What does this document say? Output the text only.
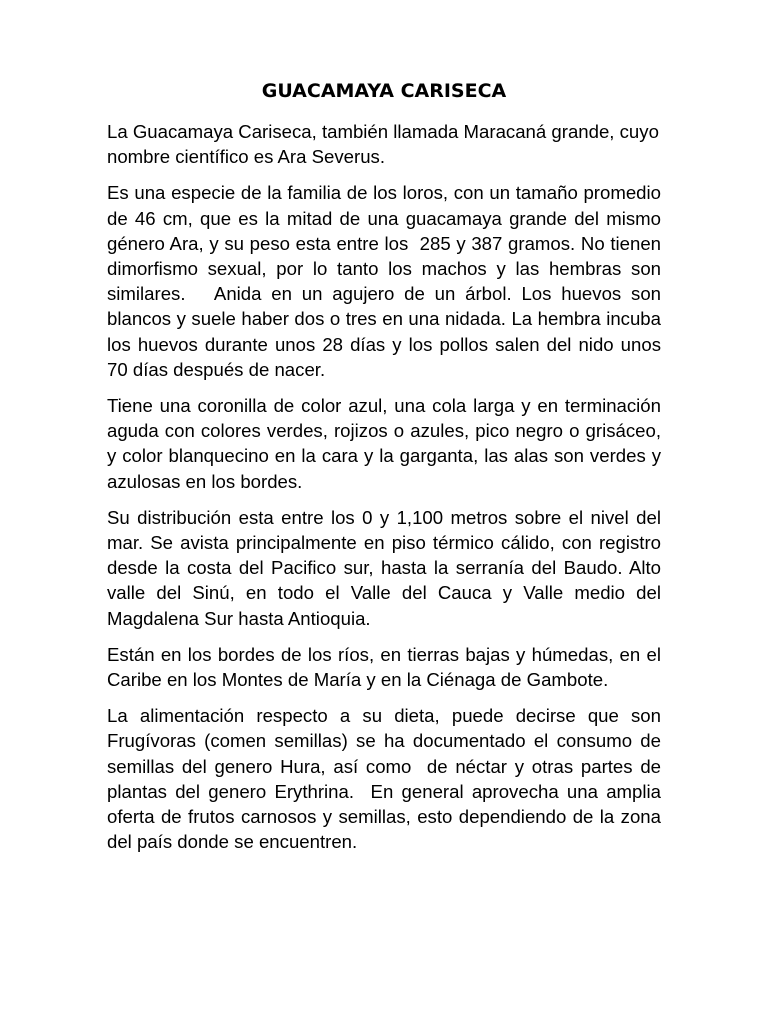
GUACAMAYA CARISECA

La Guacamaya Cariseca, también llamada Maracaná grande, cuyo nombre científico es Ara Severus.

Es una especie de la familia de los loros, con un tamaño promedio de 46 cm, que es la mitad de una guacamaya grande del mismo género Ara, y su peso esta entre los  285 y 387 gramos. No tienen dimorfismo sexual, por lo tanto los machos y las hembras son similares.   Anida en un agujero de un árbol. Los huevos son blancos y suele haber dos o tres en una nidada. La hembra incuba los huevos durante unos 28 días y los pollos salen del nido unos 70 días después de nacer.

Tiene una coronilla de color azul, una cola larga y en terminación aguda con colores verdes, rojizos o azules, pico negro o grisáceo, y color blanquecino en la cara y la garganta, las alas son verdes y azulosas en los bordes.

Su distribución esta entre los 0 y 1,100 metros sobre el nivel del mar. Se avista principalmente en piso térmico cálido, con registro desde la costa del Pacifico sur, hasta la serranía del Baudo. Alto valle del Sinú, en todo el Valle del Cauca y Valle medio del Magdalena Sur hasta Antioquia.

Están en los bordes de los ríos, en tierras bajas y húmedas, en el Caribe en los Montes de María y en la Ciénaga de Gambote.

La alimentación respecto a su dieta, puede decirse que son Frugívoras (comen semillas) se ha documentado el consumo de semillas del genero Hura, así como  de néctar y otras partes de plantas del genero Erythrina.  En general aprovecha una amplia oferta de frutos carnosos y semillas, esto dependiendo de la zona del país donde se encuentren.
